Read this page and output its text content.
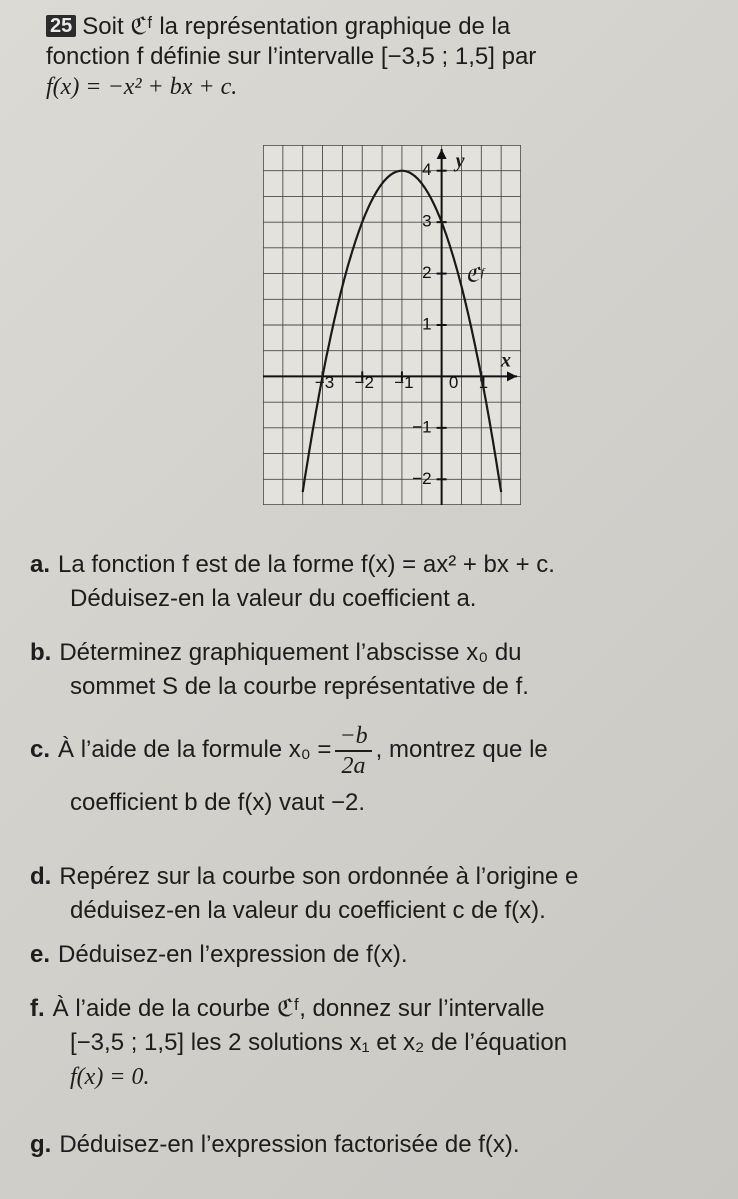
25 Soit ℭᶠ la représentation graphique de la
fonction f définie sur l’intervalle [−3,5 ; 1,5] par
f(x) = −x² + bx + c.
−3 −2 −1 0 1
4
3
2
1
−1
−2
x
y
ℭᶠ
a. La fonction f est de la forme f(x) = ax² + bx + c.
Déduisez-en la valeur du coefficient a.
b. Déterminez graphiquement l’abscisse x₀ du
sommet S de la courbe représentative de f.
c. À l’aide de la formule $x_0 = \frac{-b}{2a}$ , montrez que le
coefficient b de f(x) vaut −2.
d. Repérez sur la courbe son ordonnée à l’origine e
déduisez-en la valeur du coefficient c de f(x).
e. Déduisez-en l’expression de f(x).
f. À l’aide de la courbe ℭᶠ, donnez sur l’intervalle
[−3,5 ; 1,5] les 2 solutions x₁ et x₂ de l’équation
f(x) = 0.
g. Déduisez-en l’expression factorisée de f(x).
